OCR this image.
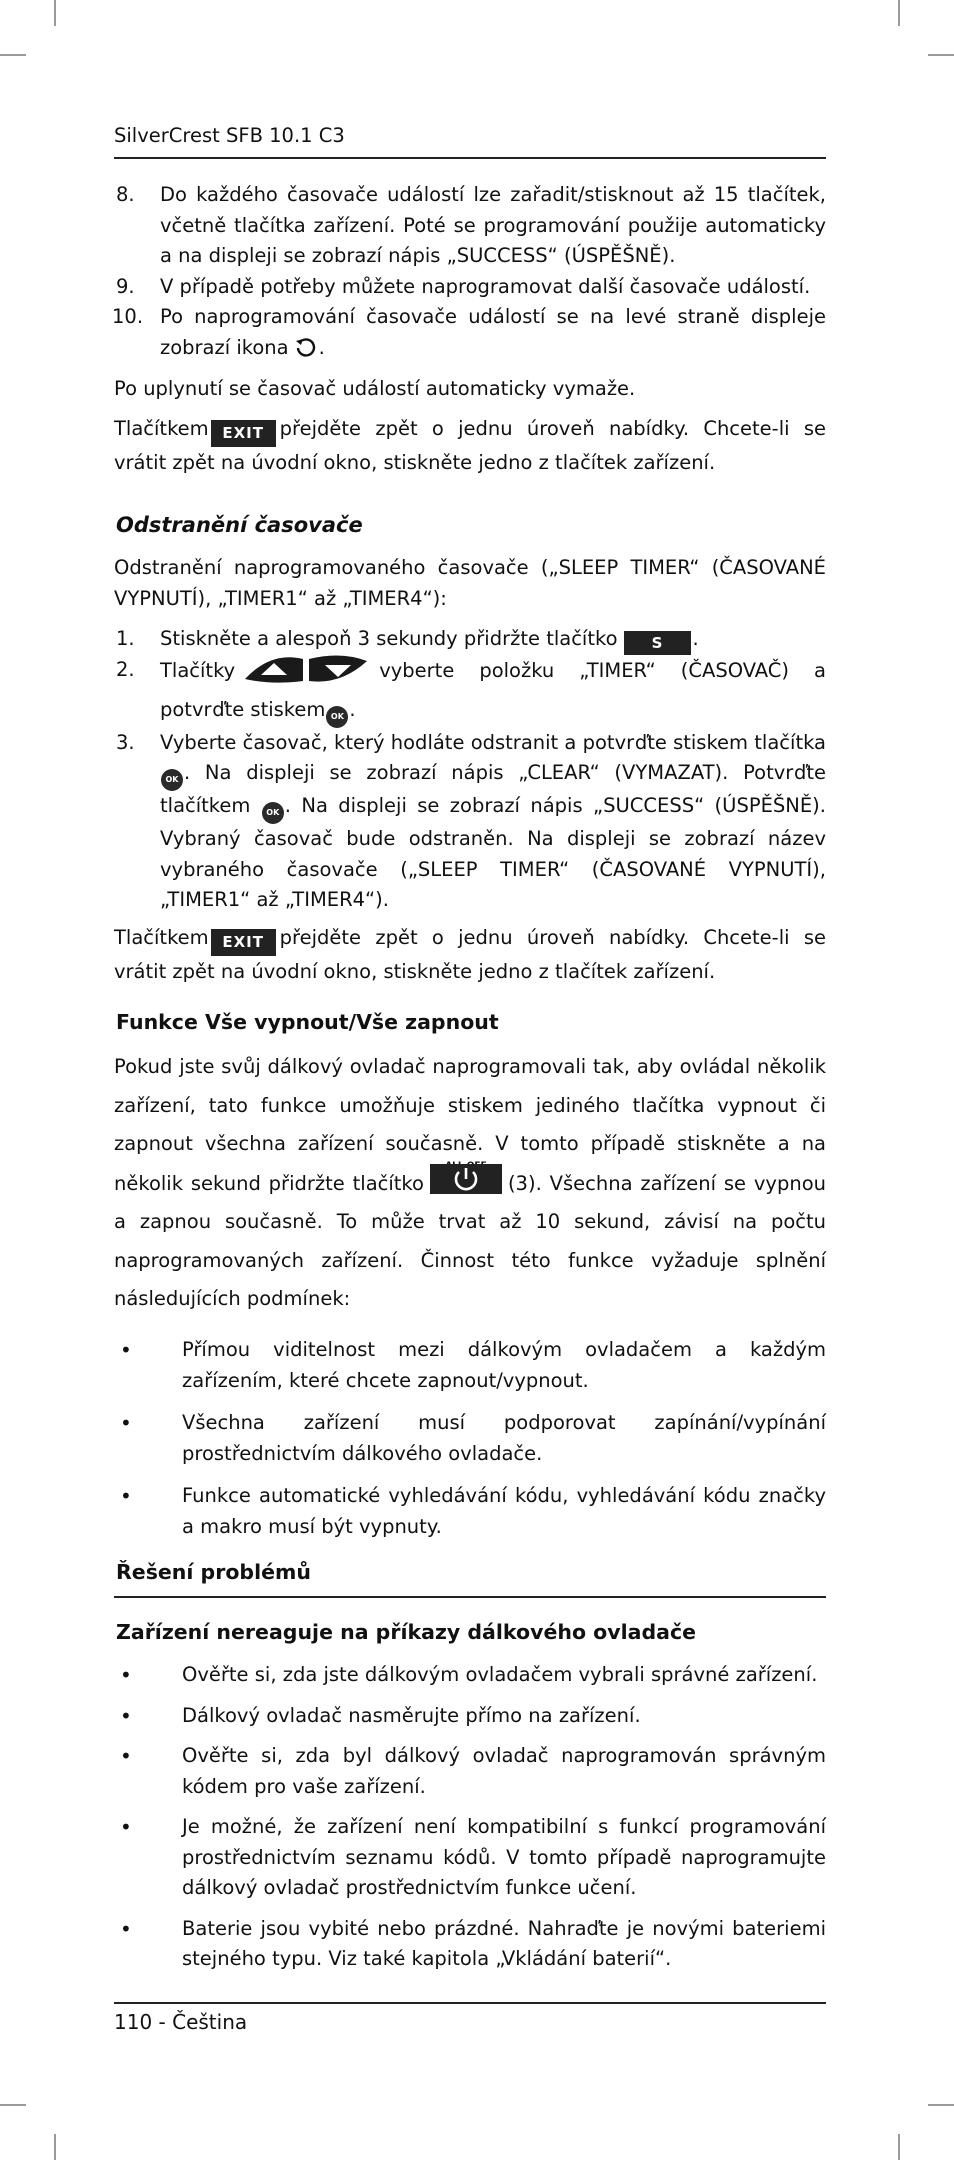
SilverCrest SFB 10.1 C3
8. Do každého časovače událostí lze zařadit/stisknout až 15 tlačítek, včetně tlačítka zařízení. Poté se programování použije automaticky a na displeji se zobrazí nápis „SUCCESS“ (ÚSPĚŠNĚ).
9. V případě potřeby můžete naprogramovat další časovače událostí.
10. Po naprogramování časovače událostí se na levé straně displeje zobrazí ikona .
Po uplynutí se časovač událostí automaticky vymaže.
Tlačítkem EXIT přejděte zpět o jednu úroveň nabídky. Chcete-li se vrátit zpět na úvodní okno, stiskněte jedno z tlačítek zařízení.
Odstranění časovače
Odstranění naprogramovaného časovače („SLEEP TIMER“ (ČASOVANÉ VYPNUTÍ), „TIMER1“ až „TIMER4“):
1. Stiskněte a alespoň 3 sekundy přidržte tlačítko S .
2. Tlačítky	vyberte položku „TIMER“ (ČASOVAČ) a potvrďte stiskem OK .
3. Vyberte časovač, který hodláte odstranit a potvrďte stiskem tlačítka OK . Na displeji se zobrazí nápis „CLEAR“ (VYMAZAT). Potvrďte tlačítkem OK . Na displeji se zobrazí nápis „SUCCESS“ (ÚSPĚŠNĚ). Vybraný časovač bude odstraněn. Na displeji se zobrazí název vybraného časovače („SLEEP TIMER“ (ČASOVANÉ VYPNUTÍ), „TIMER1“ až „TIMER4“).
Tlačítkem EXIT přejděte zpět o jednu úroveň nabídky. Chcete-li se vrátit zpět na úvodní okno, stiskněte jedno z tlačítek zařízení.
Funkce Vše vypnout/Vše zapnout
Pokud jste svůj dálkový ovladač naprogramovali tak, aby ovládal několik zařízení, tato funkce umožňuje stiskem jediného tlačítka vypnout či zapnout všechna zařízení současně. V tomto případě stiskněte a na několik sekund přidržte tlačítko	(3). Všechna zařízení se vypnou a zapnou současně. To může trvat až 10 sekund, závisí na počtu naprogramovaných zařízení. Činnost této funkce vyžaduje splnění následujících podmínek:
•	Přímou viditelnost mezi dálkovým ovladačem a každým zařízením, které chcete zapnout/vypnout.
•	Všechna zařízení musí podporovat zapínání/vypínání prostřednictvím dálkového ovladače.
•	Funkce automatické vyhledávání kódu, vyhledávání kódu značky a makro musí být vypnuty.
Řešení problémů
Zařízení nereaguje na příkazy dálkového ovladače
•	Ověřte si, zda jste dálkovým ovladačem vybrali správné zařízení.
•	Dálkový ovladač nasměrujte přímo na zařízení.
•	Ověřte si, zda byl dálkový ovladač naprogramován správným kódem pro vaše zařízení.
•	Je možné, že zařízení není kompatibilní s funkcí programování prostřednictvím seznamu kódů. V tomto případě naprogramujte dálkový ovladač prostřednictvím funkce učení.
•	Baterie jsou vybité nebo prázdné. Nahraďte je novými bateriemi stejného typu. Viz také kapitola „Vkládání baterií“.
110 - Čeština
